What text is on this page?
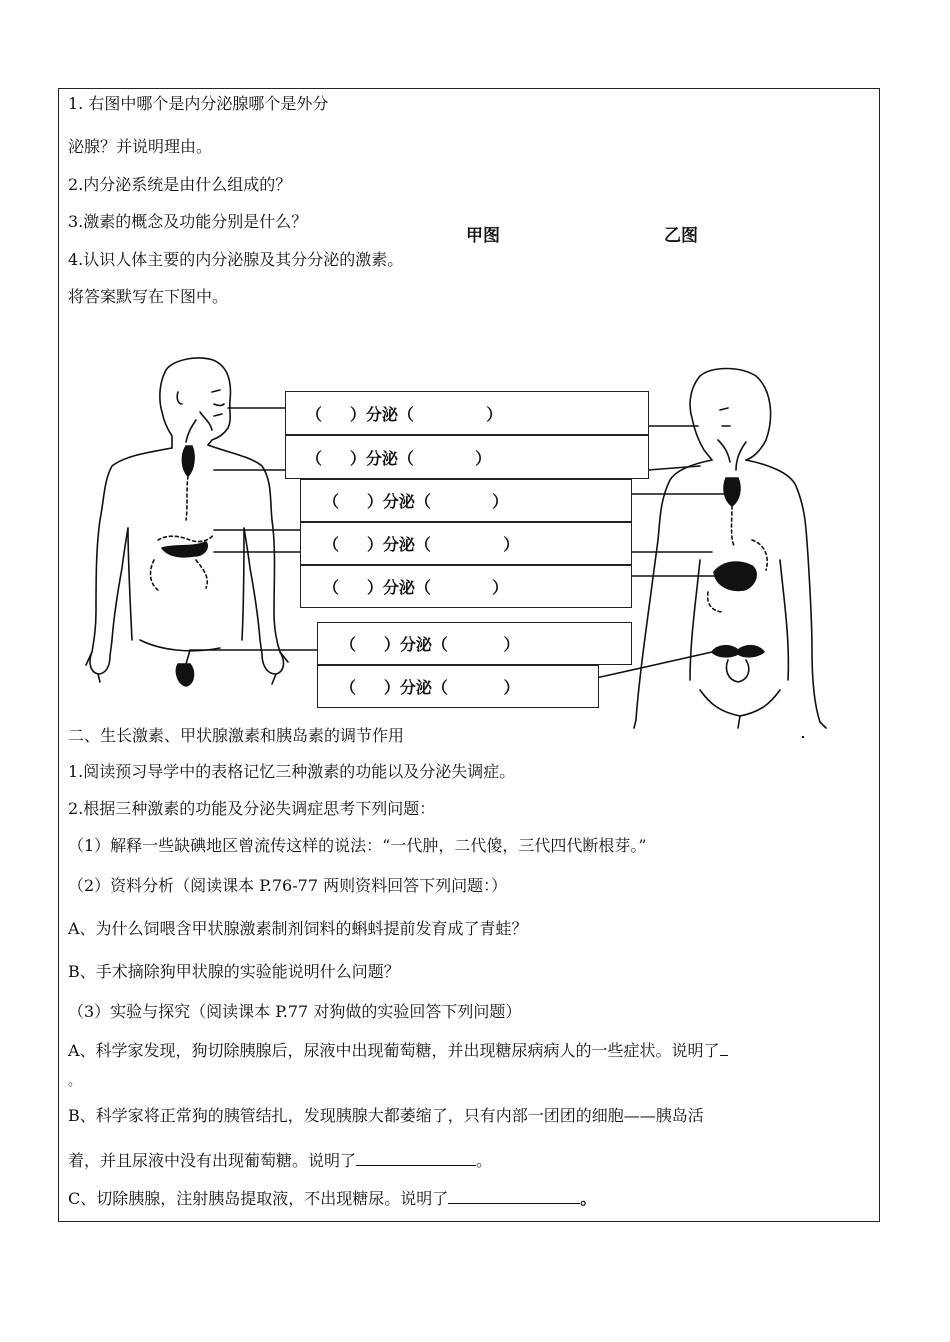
1. 右图中哪个是内分泌腺哪个是外分
泌腺？并说明理由。
2.内分泌系统是由什么组成的？
3.激素的概念及功能分别是什么？
4.认识人体主要的内分泌腺及其分分泌的激素。
将答案默写在下图中。
甲图	乙图
（     ）分泌（             ）
（     ）分泌（           ）
（     ）分泌（           ）
（     ）分泌（             ）
（     ）分泌（           ）
（     ）分泌（          ）
（     ）分泌（          ）
二、生长激素、甲状腺激素和胰岛素的调节作用
1.阅读预习导学中的表格记忆三种激素的功能以及分泌失调症。
2.根据三种激素的功能及分泌失调症思考下列问题：
（1）解释一些缺碘地区曾流传这样的说法：“一代肿，二代傻，三代四代断根芽。”
（2）资料分析（阅读课本 P.76-77 两则资料回答下列问题：）
A、为什么饲喂含甲状腺激素制剂饲料的蝌蚪提前发育成了青蛙？
B、手术摘除狗甲状腺的实验能说明什么问题？
（3）实验与探究（阅读课本 P.77 对狗做的实验回答下列问题）
A、科学家发现，狗切除胰腺后，尿液中出现葡萄糖，并出现糖尿病病人的一些症状。说明了
。
B、科学家将正常狗的胰管结扎，发现胰腺大都萎缩了，只有内部一团团的细胞——胰岛活
着，并且尿液中没有出现葡萄糖。说明了	。
C、切除胰腺，注射胰岛提取液，不出现糖尿。说明了	。
